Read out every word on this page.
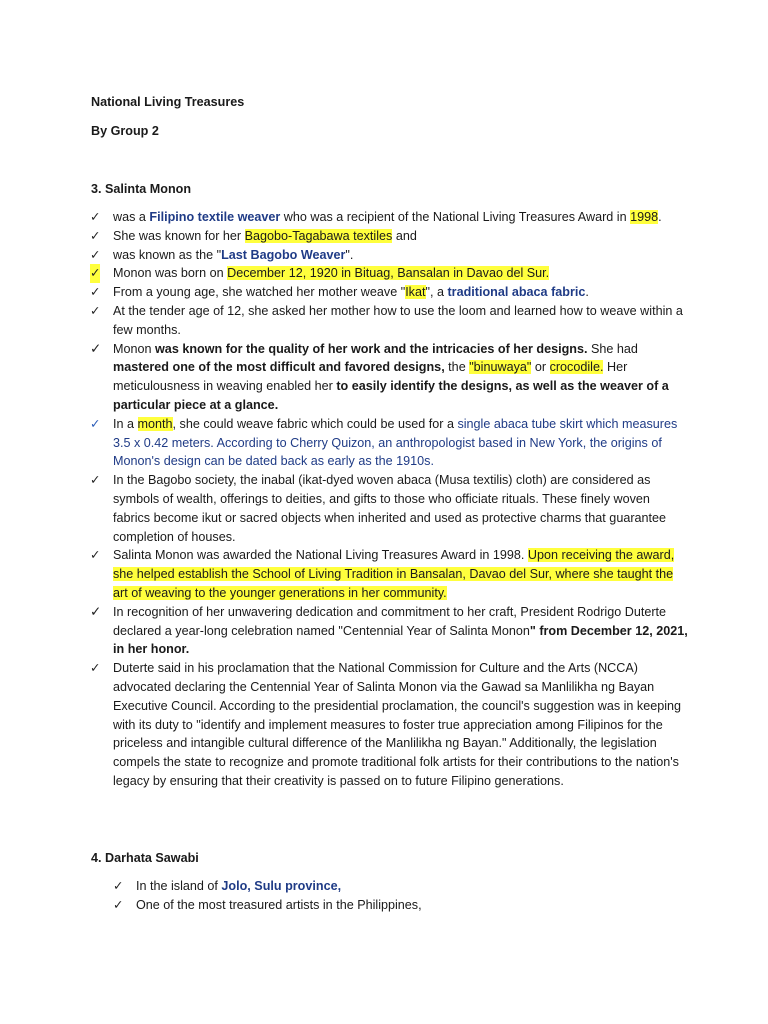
National Living Treasures

By Group 2

3. Salinta Monon

✓ was a Filipino textile weaver who was a recipient of the National Living Treasures Award in 1998.
✓ She was known for her Bagobo-Tagabawa textiles and
✓ was known as the "Last Bagobo Weaver".
✓ Monon was born on December 12, 1920 in Bituag, Bansalan in Davao del Sur.
✓ From a young age, she watched her mother weave "Ikat", a traditional abaca fabric.
✓ At the tender age of 12, she asked her mother how to use the loom and learned how to weave within a few months.
✓ Monon was known for the quality of her work and the intricacies of her designs. She had mastered one of the most difficult and favored designs, the "binuwaya" or crocodile. Her meticulousness in weaving enabled her to easily identify the designs, as well as the weaver of a particular piece at a glance.
✓ In a month, she could weave fabric which could be used for a single abaca tube skirt which measures 3.5 x 0.42 meters. According to Cherry Quizon, an anthropologist based in New York, the origins of Monon's design can be dated back as early as the 1910s.
✓ In the Bagobo society, the inabal (ikat-dyed woven abaca (Musa textilis) cloth) are considered as symbols of wealth, offerings to deities, and gifts to those who officiate rituals. These finely woven fabrics become ikut or sacred objects when inherited and used as protective charms that guarantee completion of houses.
✓ Salinta Monon was awarded the National Living Treasures Award in 1998. Upon receiving the award, she helped establish the School of Living Tradition in Bansalan, Davao del Sur, where she taught the art of weaving to the younger generations in her community.
✓ In recognition of her unwavering dedication and commitment to her craft, President Rodrigo Duterte declared a year-long celebration named "Centennial Year of Salinta Monon" from December 12, 2021, in her honor.
✓ Duterte said in his proclamation that the National Commission for Culture and the Arts (NCCA) advocated declaring the Centennial Year of Salinta Monon via the Gawad sa Manlilikha ng Bayan Executive Council. According to the presidential proclamation, the council's suggestion was in keeping with its duty to "identify and implement measures to foster true appreciation among Filipinos for the priceless and intangible cultural difference of the Manlilikha ng Bayan." Additionally, the legislation compels the state to recognize and promote traditional folk artists for their contributions to the nation's legacy by ensuring that their creativity is passed on to future Filipino generations.

4. Darhata Sawabi

✓ In the island of Jolo, Sulu province,
✓ One of the most treasured artists in the Philippines,
